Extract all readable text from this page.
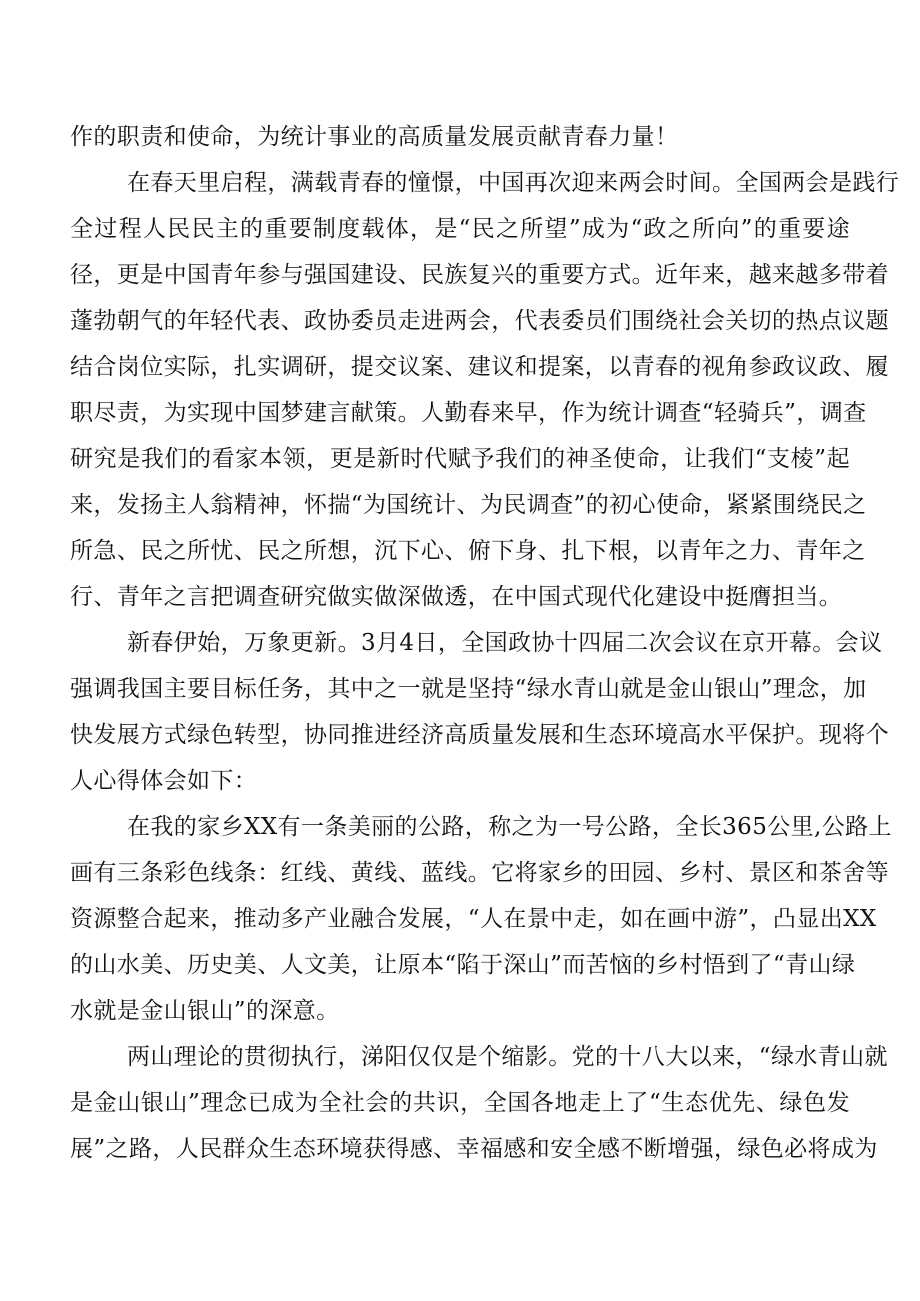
作的职责和使命，为统计事业的高质量发展贡献青春力量！
在春天里启程，满载青春的憧憬，中国再次迎来两会时间。全国两会是践行
全过程人民民主的重要制度载体，是“民之所望”成为“政之所向”的重要途
径，更是中国青年参与强国建设、民族复兴的重要方式。近年来，越来越多带着
蓬勃朝气的年轻代表、政协委员走进两会，代表委员们围绕社会关切的热点议题
结合岗位实际，扎实调研，提交议案、建议和提案，以青春的视角参政议政、履
职尽责，为实现中国梦建言献策。人勤春来早，作为统计调查“轻骑兵”，调查
研究是我们的看家本领，更是新时代赋予我们的神圣使命，让我们“支棱”起
来，发扬主人翁精神，怀揣“为国统计、为民调查”的初心使命，紧紧围绕民之
所急、民之所忧、民之所想，沉下心、俯下身、扎下根，以青年之力、青年之
行、青年之言把调查研究做实做深做透，在中国式现代化建设中挺膺担当。
新春伊始，万象更新。3月4日，全国政协十四届二次会议在京开幕。会议
强调我国主要目标任务，其中之一就是坚持“绿水青山就是金山银山”理念，加
快发展方式绿色转型，协同推进经济高质量发展和生态环境高水平保护。现将个
人心得体会如下：
在我的家乡XX有一条美丽的公路，称之为一号公路，全长365公里,公路上
画有三条彩色线条：红线、黄线、蓝线。它将家乡的田园、乡村、景区和茶舍等
资源整合起来，推动多产业融合发展，“人在景中走，如在画中游”，凸显出XX
的山水美、历史美、人文美，让原本“陷于深山”而苦恼的乡村悟到了“青山绿
水就是金山银山”的深意。
两山理论的贯彻执行，涕阳仅仅是个缩影。党的十八大以来，“绿水青山就
是金山银山”理念已成为全社会的共识，全国各地走上了“生态优先、绿色发
展”之路，人民群众生态环境获得感、幸福感和安全感不断增强，绿色必将成为
